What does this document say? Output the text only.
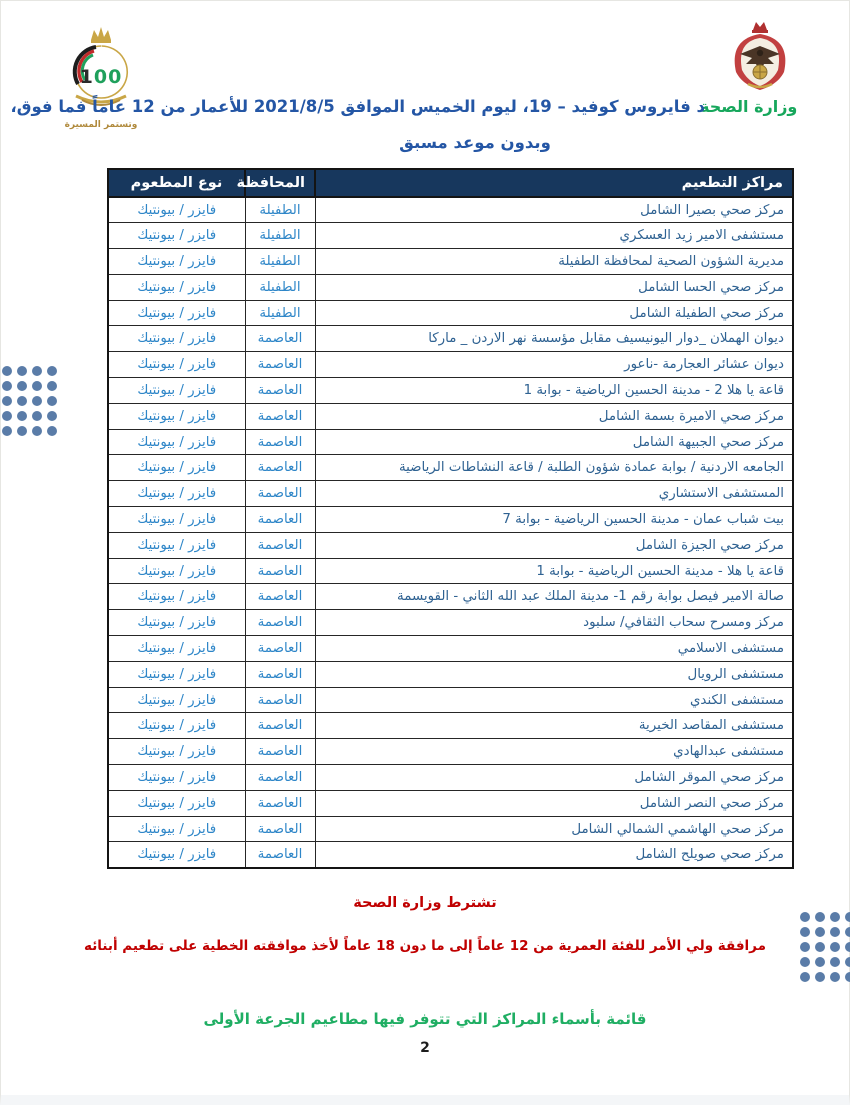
100
وتستمر المسيرة
وزارة الصحة
د فايروس كوفيد – 19، ليوم الخميس الموافق 2021/8/5 للأعمار من 12 عاماً فما فوق،
وبدون موعد مسبق
مراكز التطعيم	المحافظة	نوع المطعوم
مركز صحي بصيرا الشامل	الطفيلة	فايزر / بيونتيك
مستشفى الامير زيد العسكري	الطفيلة	فايزر / بيونتيك
مديرية الشؤون الصحية لمحافظة الطفيلة	الطفيلة	فايزر / بيونتيك
مركز صحي الحسا الشامل	الطفيلة	فايزر / بيونتيك
مركز صحي الطفيلة الشامل	الطفيلة	فايزر / بيونتيك
ديوان الهملان _دوار اليونيسيف مقابل مؤسسة نهر الاردن _ ماركا	العاصمة	فايزر / بيونتيك
ديوان عشائر العجارمة -ناعور	العاصمة	فايزر / بيونتيك
قاعة يا هلا 2 - مدينة الحسين الرياضية - بوابة 1	العاصمة	فايزر / بيونتيك
مركز صحي الاميرة بسمة الشامل	العاصمة	فايزر / بيونتيك
مركز صحي الجبيهة الشامل	العاصمة	فايزر / بيونتيك
الجامعه الاردنية / بوابة عمادة شؤون الطلبة / قاعة النشاطات الرياضية	العاصمة	فايزر / بيونتيك
المستشفى الاستشاري	العاصمة	فايزر / بيونتيك
بيت شباب عمان - مدينة الحسين الرياضية - بوابة 7	العاصمة	فايزر / بيونتيك
مركز صحي الجيزة الشامل	العاصمة	فايزر / بيونتيك
قاعة يا هلا - مدينة الحسين الرياضية - بوابة 1	العاصمة	فايزر / بيونتيك
صالة الامير فيصل بوابة رقم 1- مدينة الملك عبد الله الثاني - القويسمة	العاصمة	فايزر / بيونتيك
مركز ومسرح سحاب الثقافي/ سلبود	العاصمة	فايزر / بيونتيك
مستشفى الاسلامي	العاصمة	فايزر / بيونتيك
مستشفى الرويال	العاصمة	فايزر / بيونتيك
مستشفى الكندي	العاصمة	فايزر / بيونتيك
مستشفى المقاصد الخيرية	العاصمة	فايزر / بيونتيك
مستشفى عبدالهادي	العاصمة	فايزر / بيونتيك
مركز صحي الموقر الشامل	العاصمة	فايزر / بيونتيك
مركز صحي النصر الشامل	العاصمة	فايزر / بيونتيك
مركز صحي الهاشمي الشمالي الشامل	العاصمة	فايزر / بيونتيك
مركز صحي صويلح الشامل	العاصمة	فايزر / بيونتيك
تشترط وزارة الصحة
مرافقة ولي الأمر للفئة العمرية من 12 عاماً إلى ما دون 18 عاماً لأخذ موافقته الخطية على تطعيم أبنائه
قائمة بأسماء المراكز التي تتوفر فيها مطاعيم الجرعة الأولى
2
